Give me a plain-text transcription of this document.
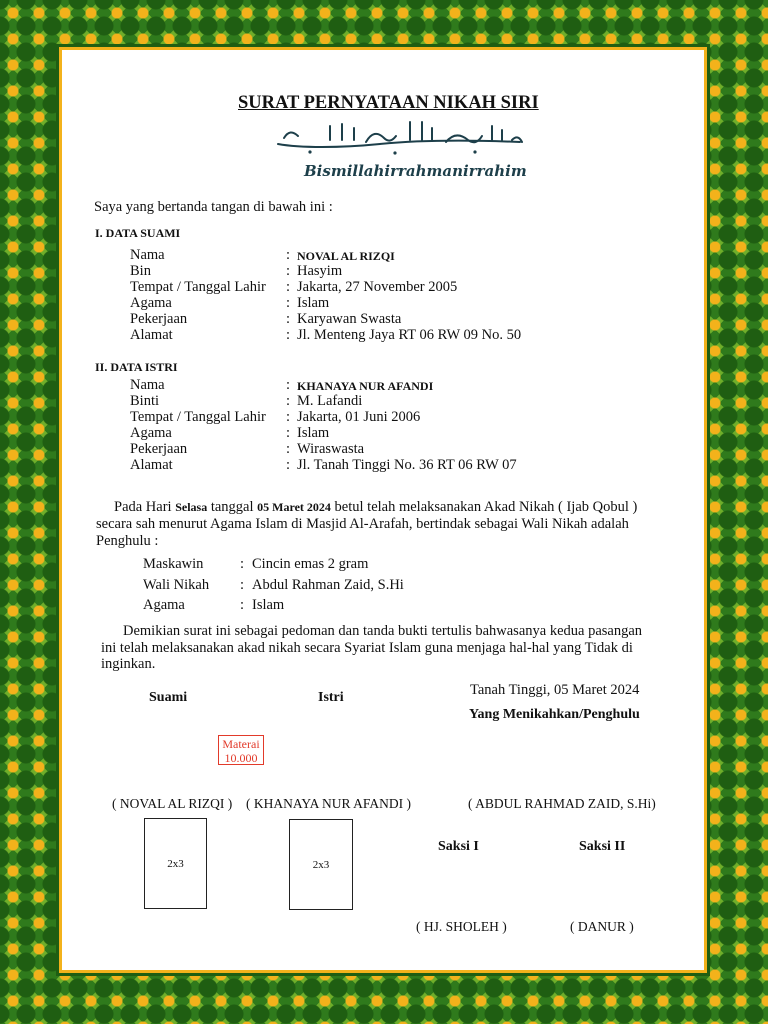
SURAT PERNYATAAN NIKAH SIRI
Bismillahirrahmanirrahim
Saya yang bertanda tangan di bawah ini :
I. DATA SUAMI
Nama	: NOVAL AL RIZQI
Bin	: Hasyim
Tempat / Tanggal Lahir : Jakarta, 27 November 2005
Agama	: Islam
Pekerjaan	: Karyawan Swasta
Alamat	: Jl. Menteng Jaya RT 06 RW 09 No. 50
II. DATA ISTRI
Nama	: KHANAYA NUR AFANDI
Binti	: M. Lafandi
Tempat / Tanggal Lahir : Jakarta, 01 Juni 2006
Agama	: Islam
Pekerjaan	: Wiraswasta
Alamat	: Jl. Tanah Tinggi No. 36 RT 06 RW 07
Pada Hari Selasa tanggal 05 Maret 2024 betul telah melaksanakan Akad Nikah ( Ijab Qobul )
secara sah menurut Agama Islam di Masjid Al-Arafah, bertindak sebagai Wali Nikah adalah
Penghulu :
Maskawin	: Cincin emas 2 gram
Wali Nikah : Abdul Rahman Zaid, S.Hi
Agama	: Islam
Demikian surat ini sebagai pedoman dan tanda bukti tertulis bahwasanya kedua pasangan
ini telah melaksanakan akad nikah secara Syariat Islam guna menjaga hal-hal yang Tidak di
inginkan.
Tanah Tinggi, 05 Maret 2024
Suami	Istri
Yang Menikahkan/Penghulu
Materai
10.000
( NOVAL AL RIZQI ) ( KHANAYA NUR AFANDI )	( ABDUL RAHMAD ZAID, S.Hi)
2x3	2x3
Saksi I	Saksi II
( HJ. SHOLEH )	( DANUR )
